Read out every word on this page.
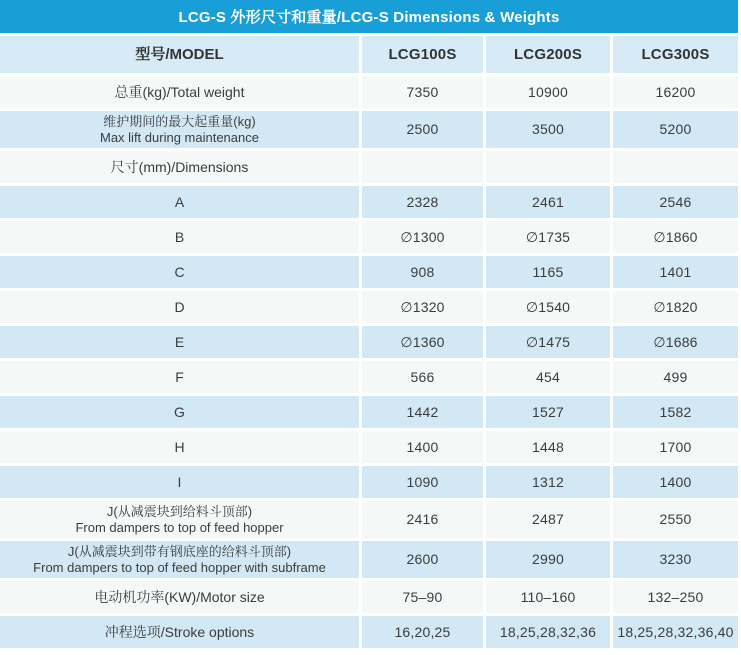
LCG-S 外形尺寸和重量/LCG-S Dimensions & Weights
型号/MODEL	LCG100S	LCG200S	LCG300S
总重(kg)/Total weight	7350	10900	16200
维护期间的最大起重量(kg)
Max lift during maintenance	2500	3500	5200
尺寸(mm)/Dimensions
A	2328	2461	2546
B	∅1300	∅1735	∅1860
C	908	1165	1401
D	∅1320	∅1540	∅1820
E	∅1360	∅1475	∅1686
F	566	454	499
G	1442	1527	1582
H	1400	1448	1700
I	1090	1312	1400
J(从减震块到给料斗顶部)
From dampers to top of feed hopper	2416	2487	2550
J(从减震块到带有钢底座的给料斗顶部)
From dampers to top of feed hopper with subframe	2600	2990	3230
电动机功率(KW)/Motor size	75–90	110–160	132–250
冲程选项/Stroke options	16,20,25	18,25,28,32,36	18,25,28,32,36,40
